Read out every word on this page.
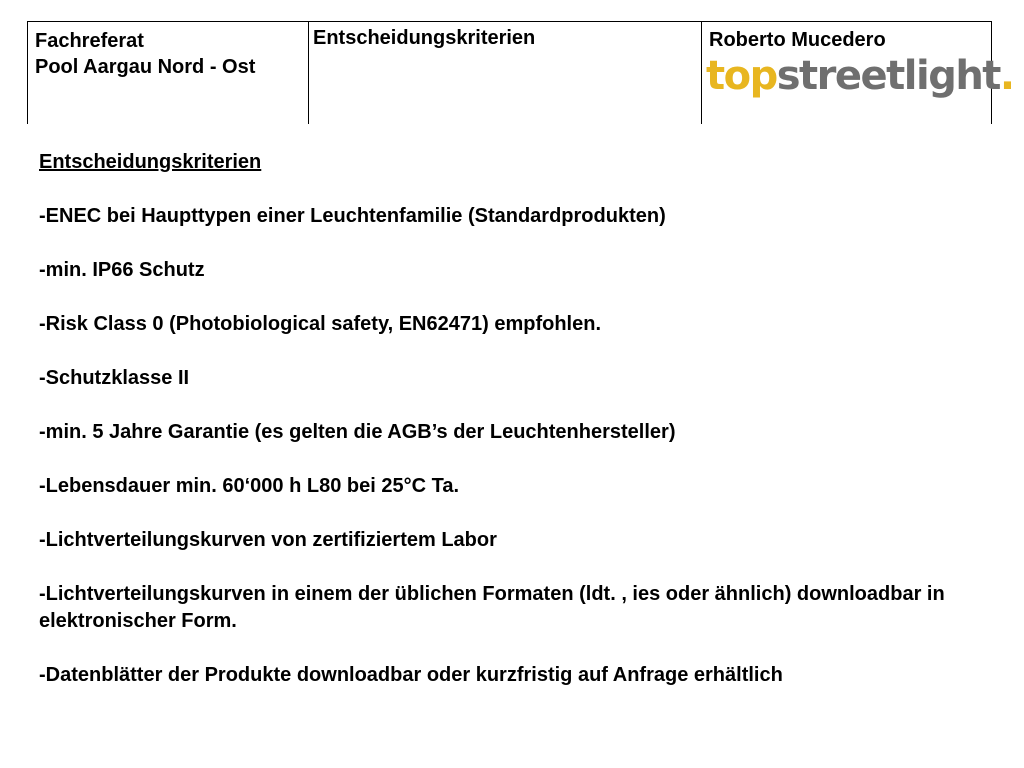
Fachreferat
Pool Aargau Nord - Ost
Entscheidungskriterien	Roberto Mucedero
topstreetlight.
Entscheidungskriterien
-ENEC bei Haupttypen einer Leuchtenfamilie (Standardprodukten)
-min. IP66 Schutz
-Risk Class 0 (Photobiological safety, EN62471) empfohlen.
-Schutzklasse II
-min. 5 Jahre Garantie (es gelten die AGB’s der Leuchtenhersteller)
-Lebensdauer min. 60‘000 h L80 bei 25°C Ta.
-Lichtverteilungskurven von zertifiziertem Labor
-Lichtverteilungskurven in einem der üblichen Formaten (ldt. , ies oder ähnlich) downloadbar in elektronischer Form.
-Datenblätter der Produkte downloadbar oder kurzfristig auf Anfrage erhältlich
